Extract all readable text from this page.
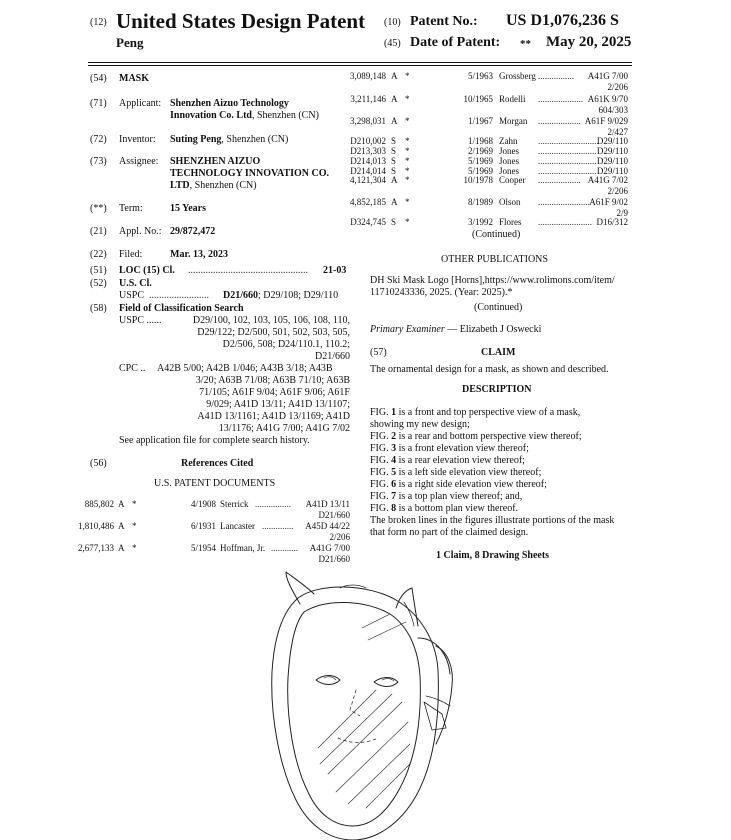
(12) United States Design Patent
Peng
(10) Patent No.: US D1,076,236 S
(45) Date of Patent: ** May 20, 2025
(54) MASK
(71) Applicant: Shenzhen Aizuo Technology
Innovation Co. Ltd, Shenzhen (CN)
(72) Inventor: Suting Peng, Shenzhen (CN)
(73) Assignee: SHENZHEN AIZUO
TECHNOLOGY INNOVATION CO.
LTD, Shenzhen (CN)
(**) Term:	15 Years
(21) Appl. No.: 29/872,472
(22) Filed:	Mar. 13, 2023
(51) LOC (15) Cl. ................................................ 21-03
(52) U.S. Cl.
USPC ........................ D21/660; D29/108; D29/110
(58) Field of Classification Search
USPC ......	D29/100, 102, 103, 105, 106, 108, 110,
D29/122; D2/500, 501, 502, 503, 505,
D2/506, 508; D24/110.1, 110.2;
D21/660
CPC .. A42B 5/00; A42B 1/046; A43B 3/18; A43B
3/20; A63B 71/08; A63B 71/10; A63B
71/105; A61F 9/04; A61F 9/06; A61F
9/029; A41D 13/11; A41D 13/1107;
A41D 13/1161; A41D 13/1169; A41D
13/1176; A41G 7/00; A41G 7/02
See application file for complete search history.
(56)	References Cited
U.S. PATENT DOCUMENTS
885,802 A *	4/1908 Sterrick ................ A41D 13/11
D21/660
1,810,486 A *	6/1931 Lancaster .............. A45D 44/22
2/206
2,677,133 A *	5/1954 Hoffman, Jr. ............ A41G 7/00
D21/660
3,089,148 A *	5/1963 Grossberg ................ A41G 7/00
2/206
3,211,146 A *	10/1965 Rodelli .................... A61K 9/70
604/303
3,298,031 A *	1/1967 Morgan ................... A61F 9/029
2/427
D210,002 S *	1/1968 Zahn ...........................
D29/110
D213,303 S *	2/1969 Jones .......................... D29/110
D214,013 S *	5/1969 Jones .......................... D29/110
D214,014 S *	5/1969 Jones .......................... D29/110
4,121,304 A *	10/1978 Cooper ................... A41G 7/02
2/206
4,852,185 A *	8/1989 Olson ....................... A61F 9/02
2/9
D324,745 S *	3/1992 Flores ........................ D16/312
(Continued)
OTHER PUBLICATIONS
DH Ski Mask Logo [Horns],https://www.rolimons.com/item/
11710243336, 2025. (Year: 2025).*
(Continued)
Primary Examiner — Elizabeth J Oswecki
(57)	CLAIM
The ornamental design for a mask, as shown and described.
DESCRIPTION
FIG. 1 is a front and top perspective view of a mask,
showing my new design;
FIG. 2 is a rear and bottom perspective view thereof;
FIG. 3 is a front elevation view thereof;
FIG. 4 is a rear elevation view thereof;
FIG. 5 is a left side elevation view thereof;
FIG. 6 is a right side elevation view thereof;
FIG. 7 is a top plan view thereof; and,
FIG. 8 is a bottom plan view thereof.
The broken lines in the figures illustrate portions of the mask
that form no part of the claimed design.
1 Claim, 8 Drawing Sheets
